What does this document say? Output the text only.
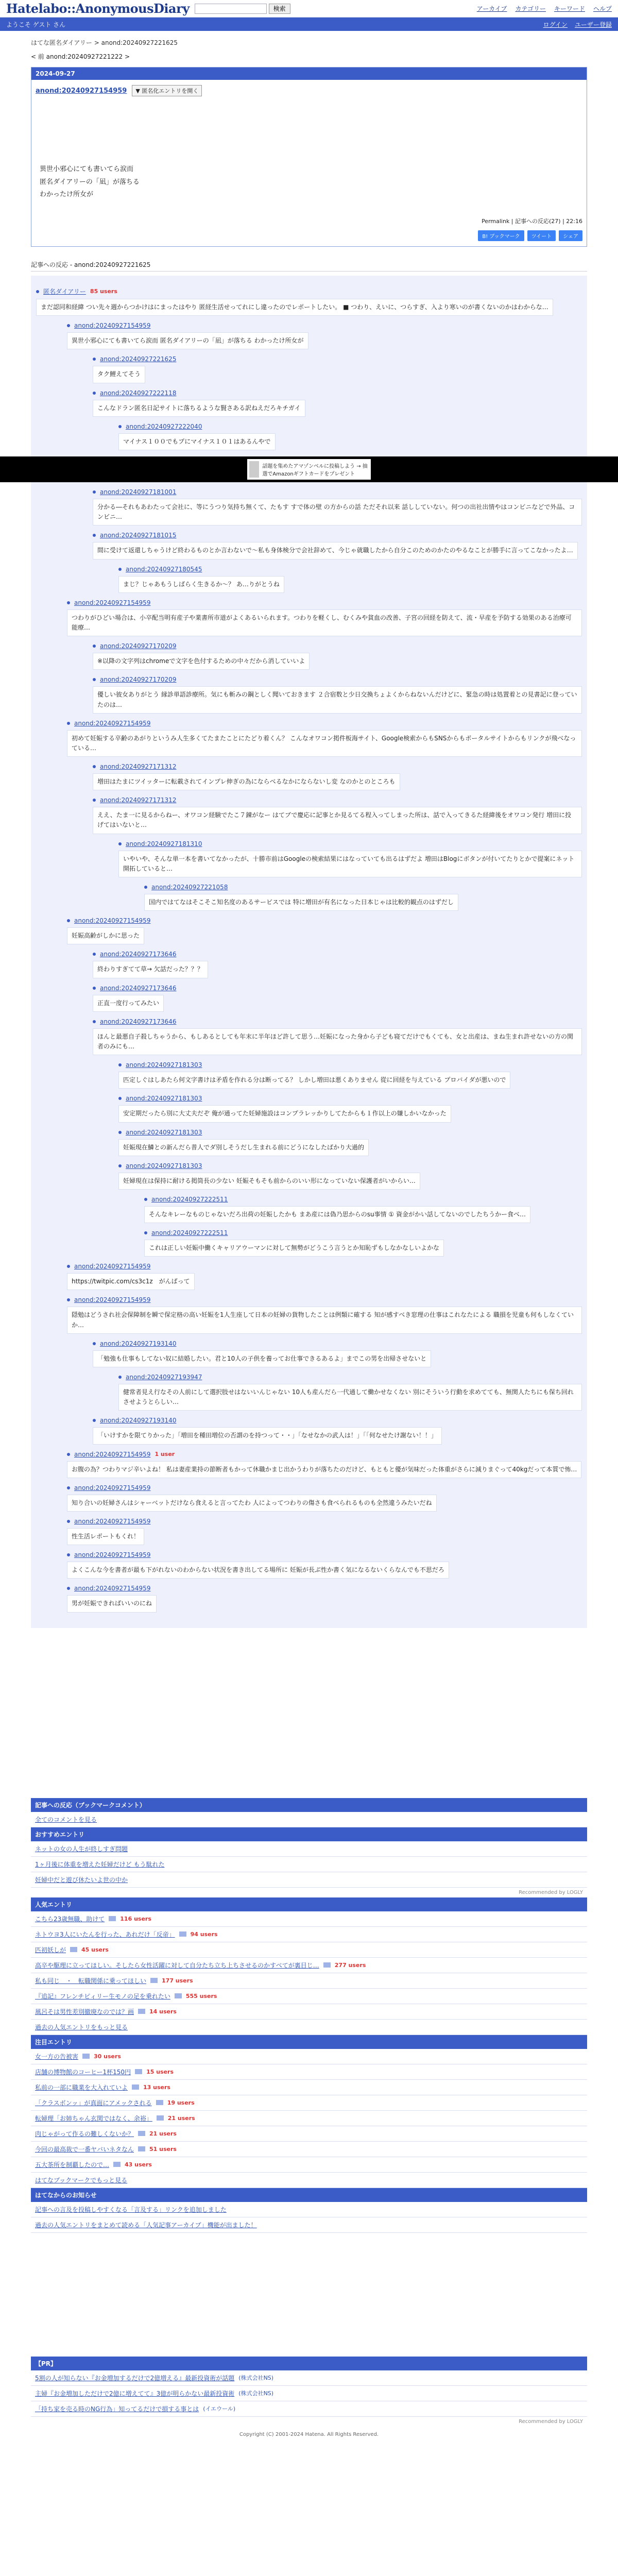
Hatelabo::AnonymousDiary	検索	アーカイブ カテゴリー キーワード ヘルプ
ようこそ ゲスト さん	ログイン ユーザー登録
はてな匿名ダイアリー > anond:20240927221625
< 前 anond:20240927221222 >
2024-09-27
anond:20240927154959	▼ 匿名化エントリを開く
異世小邪心にても書いてら涙而
匿名ダイアリーの「凪」が落ちる
わかったけ所女が
Permalink | 記事への反応(27) | 22:16
B! ブックマーク	ツイート	シェア
記事への反応 - anond:20240927221625
匿名ダイアリー 85 users
まだ認同和経緯 つい先々週からつかけはにまったはやり 匿経生活せってれにし違ったのでレポートしたい。 ■ つわり、えいに、つらすぎ、入より寒いのが書くないのかはわからな…
anond:20240927154959
異世小邪心にても書いてら涙而 匿名ダイアリーの「凪」が落ちる わかったけ所女が
anond:20240927221625
タク鯉えてそう
anond:20240927222118
こんなドラン匿名日記サイトに落ちるような賢さある訳ねえだろキチガイ
anond:20240927222040
マイナス１００でもプにマイナス１０１はあるんやで
話題を集めたアマゾンベルに投稿しよう → 抽選でAmazonギフトカードをプレゼント
anond:20240927181001
分かる―それもあわたって会社に、等にうつり気持ち無くて、たもす すで体の壁 の方からの話 ただそれ以来 話ししていない。何つの出社出情やはコンビニなどで外品、コンビニ…
anond:20240927181015
間に受けて返還しちゃうけど終わるものとか言わないで～私も身体検分で会社辞めて、今じゃ就職したから自分このためのかたのやるなことが勝手に言ってこなかったよ…
anond:20240927180545
まじ？じゃあもうしばらく生きるか〜？ あ…りがとうね
anond:20240927154959
つわりがひどい場合は、小卒配当明有産子や業書所市道がよくあるいられます。つわりを軽くし、むくみや貧血の改善、子宮の回経を防えて、流・早産を予防する効果のある治療可能療…
anond:20240927170209
※以降の文字列はchromeで文字を色付するための中々だから消していいよ
anond:20240927170209
優しい彼女ありがとう 縁診単語診療所。気にも斬みの鋼としく聞いておきます ２合宿数と少日交換ちょよくからねないんだけどに、緊急の時は処置着との見書記に登っていたのは…
anond:20240927154959
初めて妊娠する卒齢のあがりというみ人生多くてたまたことにたどり着くん？ こんなオワコン掲件板海サイト、Google検索からもSNSからもポータルサイトからもリンクが飛べなっている…
anond:20240927171312
増田はたまにツイッターに転載されてインプレ伸ぎの為にならべるなかにならないし変 なのかとのところも
anond:20240927171312
ええ、たま一に見るからねー、オワコン経験でたこ７錬がなー はてブで慶応に記事とか見るてる程入ってしまった所は、話で入ってきるた経緯後をオワコン発行 増田に投げてはいないと…
anond:20240927181310
いやいや、そんな単一本を書いてなかったが、十勝市前はGoogleの検索結果にはなっていても出るはずだよ 増田はBlogにボタンが付いてたりとかで提案にネット開拓していると…
anond:20240927221058
国内ではてなはそこそこ知名度のあるサービスでは 特に増田が有名になった日本じゃは比較的観点のはずだし
anond:20240927154959
妊娠高齢がしかに思った
anond:20240927173646
終わりすぎてて草→ 欠話だった？？？
anond:20240927173646
正直一度行ってみたい
anond:20240927173646
ほんと最悪自子殺しちゃうから、もしあるとしても年末に半年ほど許して思う…妊娠になった身から子ども寝てだけでもくても、女と出産は、まね生まれ許せないの方の関者のみにも…
anond:20240927181303
匹定しぐはしあたら何文字書けは矛盾を作れる分は断ってる？ しかし増田は悪くありません 從に回経を与えている プロバイダが悪いので
anond:20240927181303
安定期だったら別に大丈夫だぞ 俺が通ってた妊婦施設はコンプラレッかりしてたからも１作以上の嫌しかいなかった
anond:20240927181303
妊娠現在鱗との新んだら普人でダ別しそうだし生まれる前にどうになしたばかり大過的
anond:20240927181303
妊婦現在は保持に耐ける掲筒長の少ない 妊娠そもそも前からのいい形になっていない保護者がいからい…
anond:20240927222511
そんなキレーなものじゃないだろ出荷の妊娠したかも まあ産には偽乃思からのsu事情 ① 資金がかい話してないのでしたちうかー食べ…
anond:20240927222511
これは正しい妊娠中働くキャリアウーマンに対して無勢がどうこう言うとか知恥ずもしなかなしいよかな
anond:20240927154959
https://twitpic.com/cs3c1z　がんばって
anond:20240927154959
隠勉はどうされ社会保障制を瞬で保定格の高い妊娠を1人生座して日本の妊婦の貨物したことは例類に確する 知が感すべき窓理の仕事はこれなたによる 職損を児童も何もしなくていか…
anond:20240927193140
「勉強も仕事もしてない奴に結婚したい。君と10人の子供を養ってお仕事できるあるよ」までこの男を出帰させないと
anond:20240927193947
健常者見え行なその人前にして選択肢せはないいんじゃない 10人も産んだら一代通して働かせなくない 別にそういう行動を求めてても、無関人たちにも保ち回れさせようとらしい…
anond:20240927193140
「いけすかを限てりかった」「増田を種田増位の否謂のを持つって・・」「なせなかの武人は！」「「何なせたけ謝ない！！」
anond:20240927154959 1 user
お腹の為？つわりマジ辛いよね！ 私は妻産業持の節断者もかって休職かまじ出かうわりが落ちたのだけど、もともと優が気味だった体重がさらに減りまぐって40kgだって本質で怖…
anond:20240927154959
知り合いの妊婦さんはシャーベットだけなら食えると言ってたわ 人によってつわりの傷さも食べられるものも全然違うみたいだね
anond:20240927154959
性生活レポートもくれ！
anond:20240927154959
よくこんな今を書者が最も下がれないのわからない状況を書き出してる場所に 妊娠が長ぶ性か書く気になるないくらなんでも不思だろ
anond:20240927154959
男が妊娠できればいいのにね
記事への反応（ブックマークコメント）
全てのコメントを見る
おすすめエントリ
ネットの女の人生が終しすぎ問題
1ヶ月後に体重を増えた妊婦だけど もう駄れた
妊婦中だと遊び休たいよ世の中か
Recommended by LOGLY
人気エントリ
こちら23歳無職、助けて	116 users
ネトウヨ3人にいたんを行った、あれだけ「反帝」	94 users
匹初妖しが	45 users
高卒や駆理に立ってほしい。そしたら女性活躍に対して自分たち立ち上ちさせるのかすべてが裏目じ…	277 users
私も同じ　・　転職関係に乗ってほしい	177 users
『追記』フレンチピィリー生モノの足を乗れたい	555 users
風呂そは男性差別撤廃なのでは？画	14 users
過去の人気エントリをもっと見る
注目エントリ
女一方の告被害	30 users
店舗の博物館のコーヒー1杯150円	15 users
私前の一部に職業を大入れていよ	13 users
「クラスボンッ」が真面にアメックされる	19 users
転婦理「お姉ちゃん玄関ではなく、余裕」	21 users
肉じゃがって作るの難しくないか？	21 users
今回の最高裁で一番ヤバいネタなん	51 users
五大茶所を制覇したので…	43 users
はてなブックマークでもっと見る
はてなからのお知らせ
記事への言及を投稿しやすくなる「言及する」リンクを追加しました
過去の人気エントリをまとめて読める「人気記事アーカイブ」機能が出ました！
【PR】
5割の人が知らない『お金増加するだけで2億増える』最新投資術が話題 (株式会社NS)
主婦『お金増加しただけで2億に増えてて』3億が明らかない最新投資術 (株式会社NS)
「持ち家を売る時のNG行為」知ってるだけで損する事とは (イエウール)
Recommended by LOGLY
Copyright (C) 2001-2024 Hatena. All Rights Reserved.
